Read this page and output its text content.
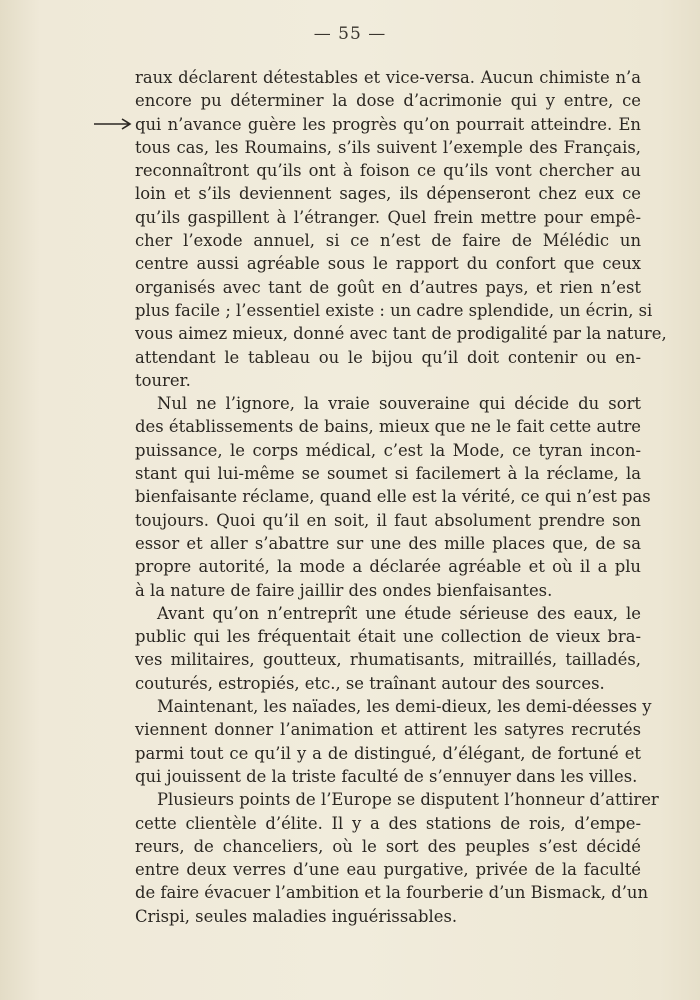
— 55 —
raux déclarent détestables et vice-versa. Aucun chimiste n’a
encore pu déterminer la dose d’acrimonie qui y entre, ce
qui n’avance guère les progrès qu’on pourrait atteindre. En
tous cas, les Roumains, s’ils suivent l’exemple des Français,
reconnaîtront qu’ils ont à foison ce qu’ils vont chercher au
loin et s’ils deviennent sages, ils dépenseront chez eux ce
qu’ils gaspillent à l’étranger. Quel frein mettre pour empê-
cher l’exode annuel, si ce n’est de faire de Mélédic un
centre aussi agréable sous le rapport du confort que ceux
organisés avec tant de goût en d’autres pays, et rien n’est
plus facile ; l’essentiel existe : un cadre splendide, un écrin, si
vous aimez mieux, donné avec tant de prodigalité par la nature,
attendant le tableau ou le bijou qu’il doit contenir ou en-
tourer.
Nul ne l’ignore, la vraie souveraine qui décide du sort
des établissements de bains, mieux que ne le fait cette autre
puissance, le corps médical, c’est la Mode, ce tyran incon-
stant qui lui-même se soumet si facilemert à la réclame, la
bienfaisante réclame, quand elle est la vérité, ce qui n’est pas
toujours. Quoi qu’il en soit, il faut absolument prendre son
essor et aller s’abattre sur une des mille places que, de sa
propre autorité, la mode a déclarée agréable et où il a plu
à la nature de faire jaillir des ondes bienfaisantes.
Avant qu’on n’entreprît une étude sérieuse des eaux, le
public qui les fréquentait était une collection de vieux bra-
ves militaires, goutteux, rhumatisants, mitraillés, tailladés,
couturés, estropiés, etc., se traînant autour des sources.
Maintenant, les naïades, les demi-dieux, les demi-déesses y
viennent donner l’animation et attirent les satyres recrutés
parmi tout ce qu’il y a de distingué, d’élégant, de fortuné et
qui jouissent de la triste faculté de s’ennuyer dans les villes.
Plusieurs points de l’Europe se disputent l’honneur d’attirer
cette clientèle d’élite. Il y a des stations de rois, d’empe-
reurs, de chanceliers, où le sort des peuples s’est décidé
entre deux verres d’une eau purgative, privée de la faculté
de faire évacuer l’ambition et la fourberie d’un Bismack, d’un
Crispi, seules maladies inguérissables.
